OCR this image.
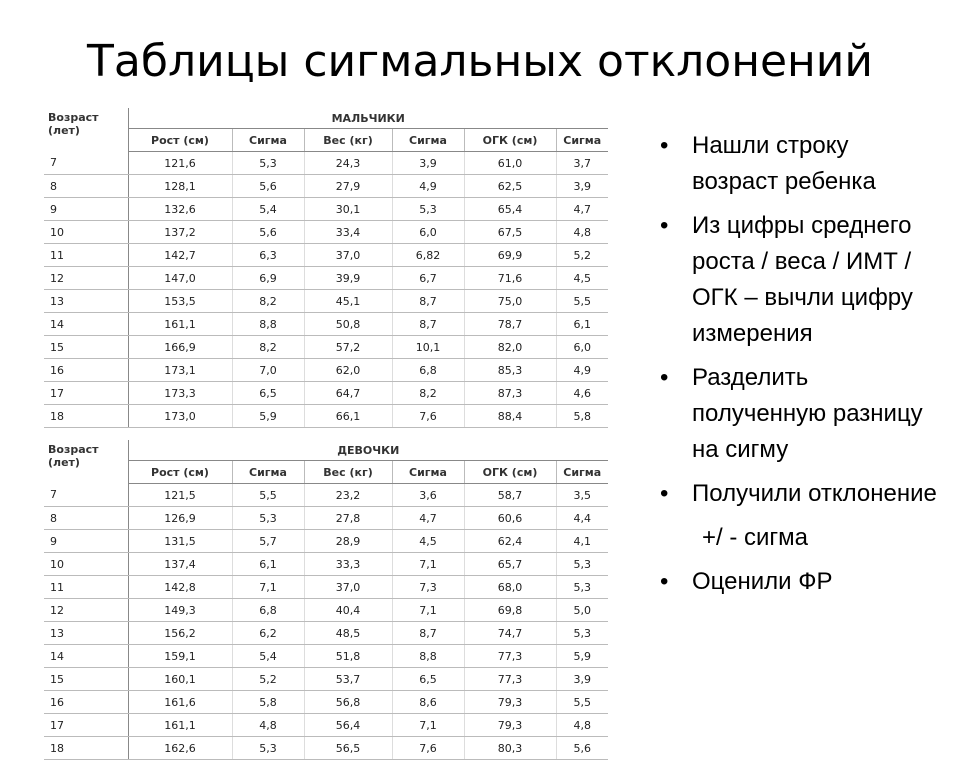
Таблицы сигмальных отклонений
Возраст
(лет)	МАЛЬЧИКИ					
	Рост (см)	Сигма	Вес (кг)	Сигма	ОГК (см)	Сигма
7	121,6	5,3	24,3	3,9	61,0	3,7
8	128,1	5,6	27,9	4,9	62,5	3,9
9	132,6	5,4	30,1	5,3	65,4	4,7
10	137,2	5,6	33,4	6,0	67,5	4,8
11	142,7	6,3	37,0	6,82	69,9	5,2
12	147,0	6,9	39,9	6,7	71,6	4,5
13	153,5	8,2	45,1	8,7	75,0	5,5
14	161,1	8,8	50,8	8,7	78,7	6,1
15	166,9	8,2	57,2	10,1	82,0	6,0
16	173,1	7,0	62,0	6,8	85,3	4,9
17	173,3	6,5	64,7	8,2	87,3	4,6
18	173,0	5,9	66,1	7,6	88,4	5,8
Возраст
(лет)	ДЕВОЧКИ					
	Рост (см)	Сигма	Вес (кг)	Сигма	ОГК (см)	Сигма
7	121,5	5,5	23,2	3,6	58,7	3,5
8	126,9	5,3	27,8	4,7	60,6	4,4
9	131,5	5,7	28,9	4,5	62,4	4,1
10	137,4	6,1	33,3	7,1	65,7	5,3
11	142,8	7,1	37,0	7,3	68,0	5,3
12	149,3	6,8	40,4	7,1	69,8	5,0
13	156,2	6,2	48,5	8,7	74,7	5,3
14	159,1	5,4	51,8	8,8	77,3	5,9
15	160,1	5,2	53,7	6,5	77,3	3,9
16	161,6	5,8	56,8	8,6	79,3	5,5
17	161,1	4,8	56,4	7,1	79,3	4,8
18	162,6	5,3	56,5	7,6	80,3	5,6
• Нашли строку возраст ребенка
• Из цифры среднего роста / веса / ИМТ / ОГК – вычли цифру измерения
• Разделить полученную разницу на сигму
• Получили отклонение
+/ - сигма
• Оценили ФР
